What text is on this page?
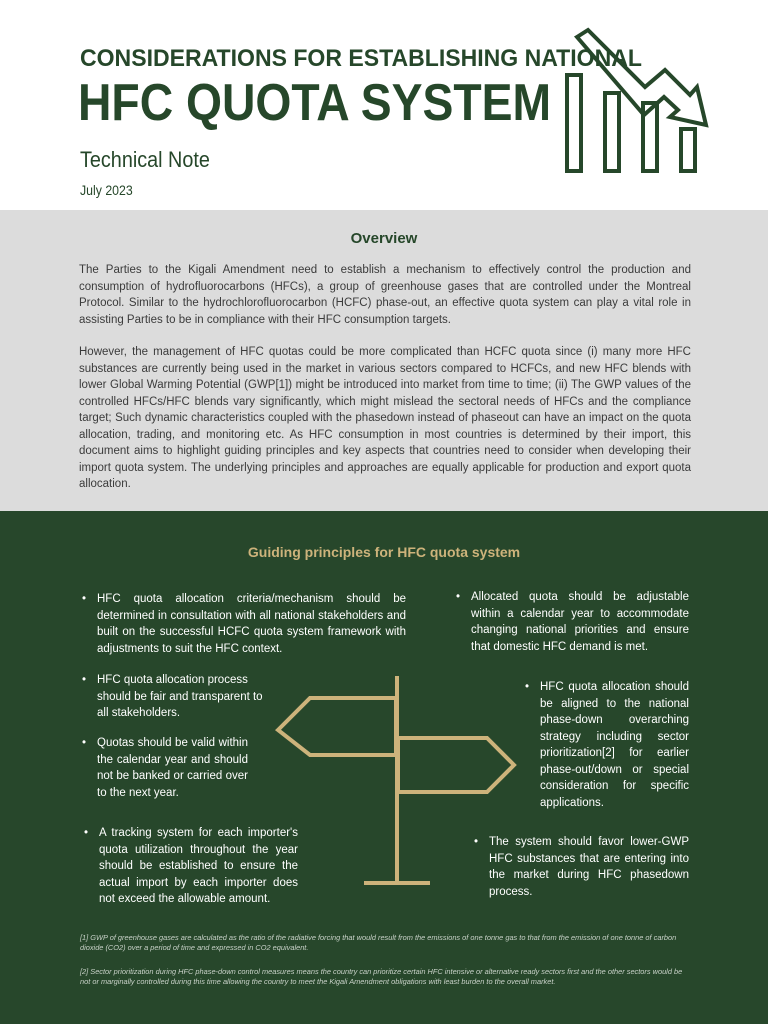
CONSIDERATIONS FOR ESTABLISHING NATIONAL
HFC QUOTA SYSTEM
Technical Note
July 2023
Overview

The Parties to the Kigali Amendment need to establish a mechanism to effectively control the production and consumption of hydrofluorocarbons (HFCs), a group of greenhouse gases that are controlled under the Montreal Protocol. Similar to the hydrochlorofluorocarbon (HCFC) phase-out, an effective quota system can play a vital role in assisting Parties to be in compliance with their HFC consumption targets.

However, the management of HFC quotas could be more complicated than HCFC quota since (i) many more HFC substances are currently being used in the market in various sectors compared to HCFCs, and new HFC blends with lower Global Warming Potential (GWP[1]) might be introduced into market from time to time; (ii) The GWP values of the controlled HFCs/HFC blends vary significantly, which might mislead the sectoral needs of HFCs and the compliance target; Such dynamic characteristics coupled with the phasedown instead of phaseout can have an impact on the quota allocation, trading, and monitoring etc. As HFC consumption in most countries is determined by their import, this document aims to highlight guiding principles and key aspects that countries need to consider when developing their import quota system. The underlying principles and approaches are equally applicable for production and export quota allocation.

Guiding principles for HFC quota system

• HFC quota allocation criteria/mechanism should be determined in consultation with all national stakeholders and built on the successful HCFC quota system framework with adjustments to suit the HFC context.

• Allocated quota should be adjustable within a calendar year to accommodate changing national priorities and ensure that domestic HFC demand is met.

• HFC quota allocation process should be fair and transparent to all stakeholders.

• Quotas should be valid within the calendar year and should not be banked or carried over to the next year.

• A tracking system for each importer's quota utilization throughout the year should be established to ensure the actual import by each importer does not exceed the allowable amount.

• HFC quota allocation should be aligned to the national phase-down overarching strategy including sector prioritization[2] for earlier phase-out/down or special consideration for specific applications.

• The system should favor lower-GWP HFC substances that are entering into the market during HFC phasedown process.

[1] GWP of greenhouse gases are calculated as the ratio of the radiative forcing that would result from the emissions of one tonne gas to that from the emission of one tonne of carbon dioxide (CO2) over a period of time and expressed in CO2 equivalent.

[2] Sector prioritization during HFC phase-down control measures means the country can prioritize certain HFC intensive or alternative ready sectors first and the other sectors would be not or marginally controlled during this time allowing the country to meet the Kigali Amendment obligations with least burden to the overall market.
